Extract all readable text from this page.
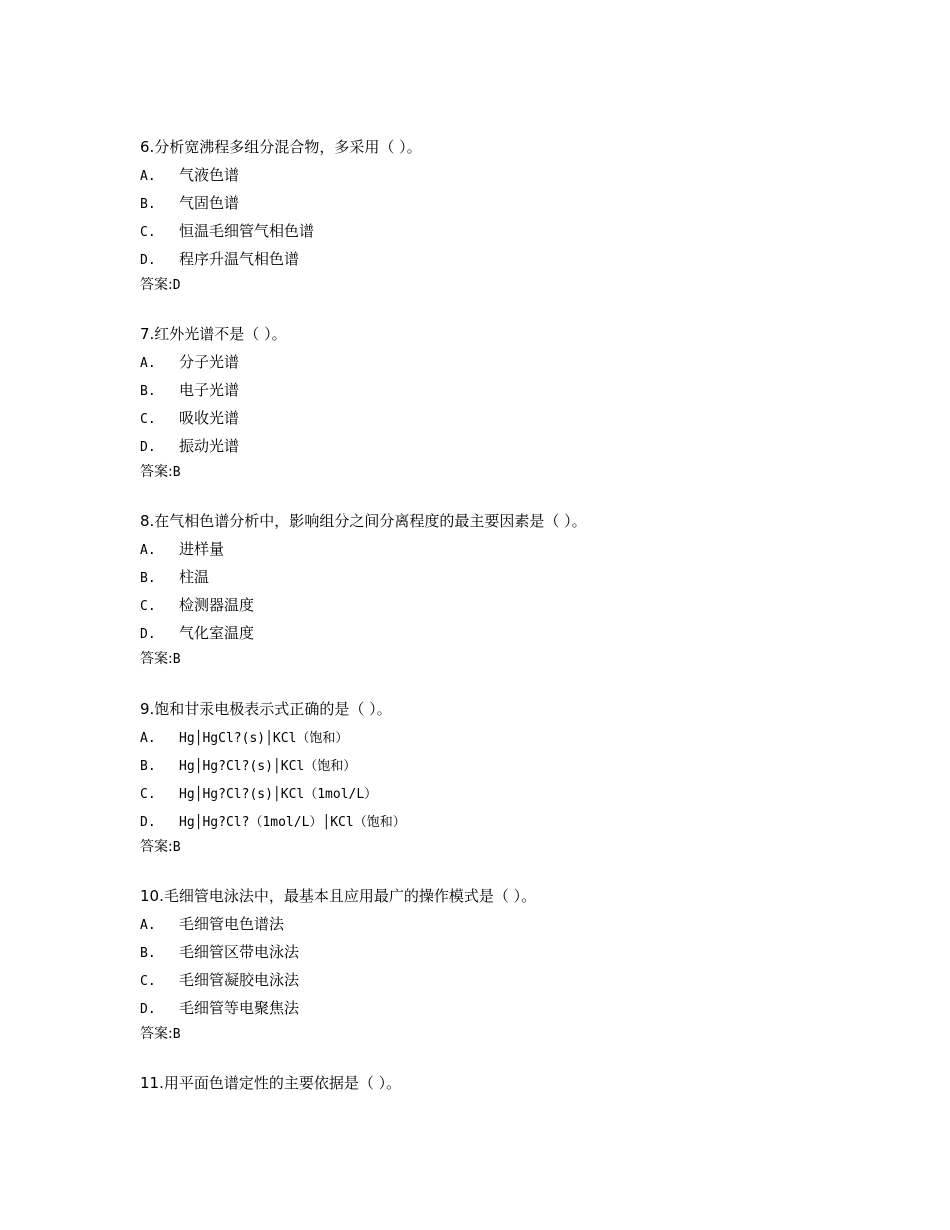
6.分析宽沸程多组分混合物，多采用（ ）。
A. 气液色谱
B. 气固色谱
C. 恒温毛细管气相色谱
D. 程序升温气相色谱
答案:D
7.红外光谱不是（ ）。
A. 分子光谱
B. 电子光谱
C. 吸收光谱
D. 振动光谱
答案:B
8.在气相色谱分析中，影响组分之间分离程度的最主要因素是（ ）。
A. 进样量
B. 柱温
C. 检测器温度
D. 气化室温度
答案:B
9.饱和甘汞电极表示式正确的是（ ）。
A. Hg│HgCl?(s)│KCl（饱和）
B. Hg│Hg?Cl?(s)│KCl（饱和）
C. Hg│Hg?Cl?(s)│KCl（1mol/L）
D. Hg│Hg?Cl?（1mol/L）│KCl（饱和）
答案:B
10.毛细管电泳法中，最基本且应用最广的操作模式是（ ）。
A. 毛细管电色谱法
B. 毛细管区带电泳法
C. 毛细管凝胶电泳法
D. 毛细管等电聚焦法
答案:B
11.用平面色谱定性的主要依据是（ ）。
